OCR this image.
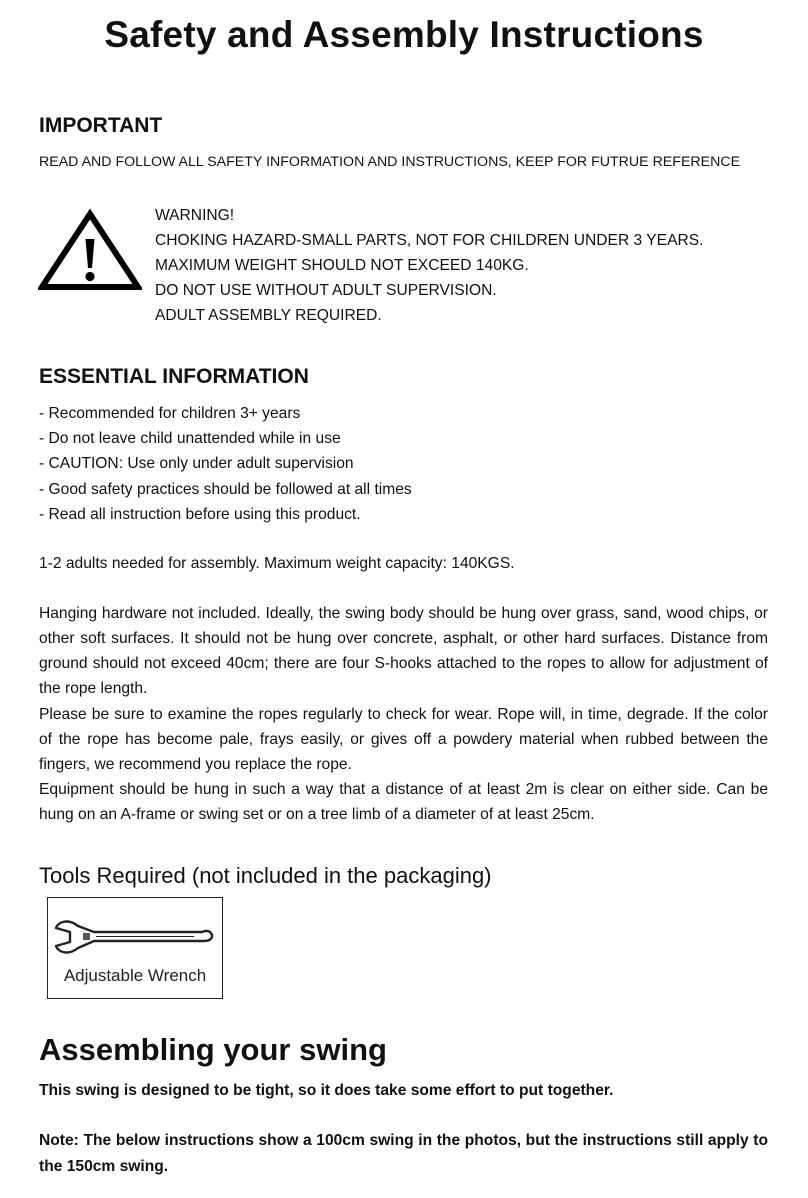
Safety and Assembly Instructions
IMPORTANT
READ AND FOLLOW ALL SAFETY INFORMATION AND INSTRUCTIONS, KEEP FOR FUTRUE REFERENCE
WARNING!
CHOKING HAZARD-SMALL PARTS, NOT FOR CHILDREN UNDER 3 YEARS.
MAXIMUM WEIGHT SHOULD NOT EXCEED 140KG.
DO NOT USE WITHOUT ADULT SUPERVISION.
ADULT ASSEMBLY REQUIRED.
ESSENTIAL INFORMATION
- Recommended for children 3+ years
- Do not leave child unattended while in use
- CAUTION: Use only under adult supervision
- Good safety practices should be followed at all times
- Read all instruction before using this product.
1-2 adults needed for assembly. Maximum weight capacity: 140KGS.
Hanging hardware not included. Ideally, the swing body should be hung over grass, sand, wood chips, or other soft surfaces. It should not be hung over concrete, asphalt, or other hard surfaces. Distance from ground should not exceed 40cm; there are four S-hooks attached to the ropes to allow for adjustment of the rope length.
Please be sure to examine the ropes regularly to check for wear. Rope will, in time, degrade. If the color of the rope has become pale, frays easily, or gives off a powdery material when rubbed between the fingers, we recommend you replace the rope.
Equipment should be hung in such a way that a distance of at least 2m is clear on either side. Can be hung on an A-frame or swing set or on a tree limb of a diameter of at least 25cm.
Tools Required (not included in the packaging)
Adjustable Wrench
Assembling your swing
This swing is designed to be tight, so it does take some effort to put together.
Note: The below instructions show a 100cm swing in the photos, but the instructions still apply to the 150cm swing.
